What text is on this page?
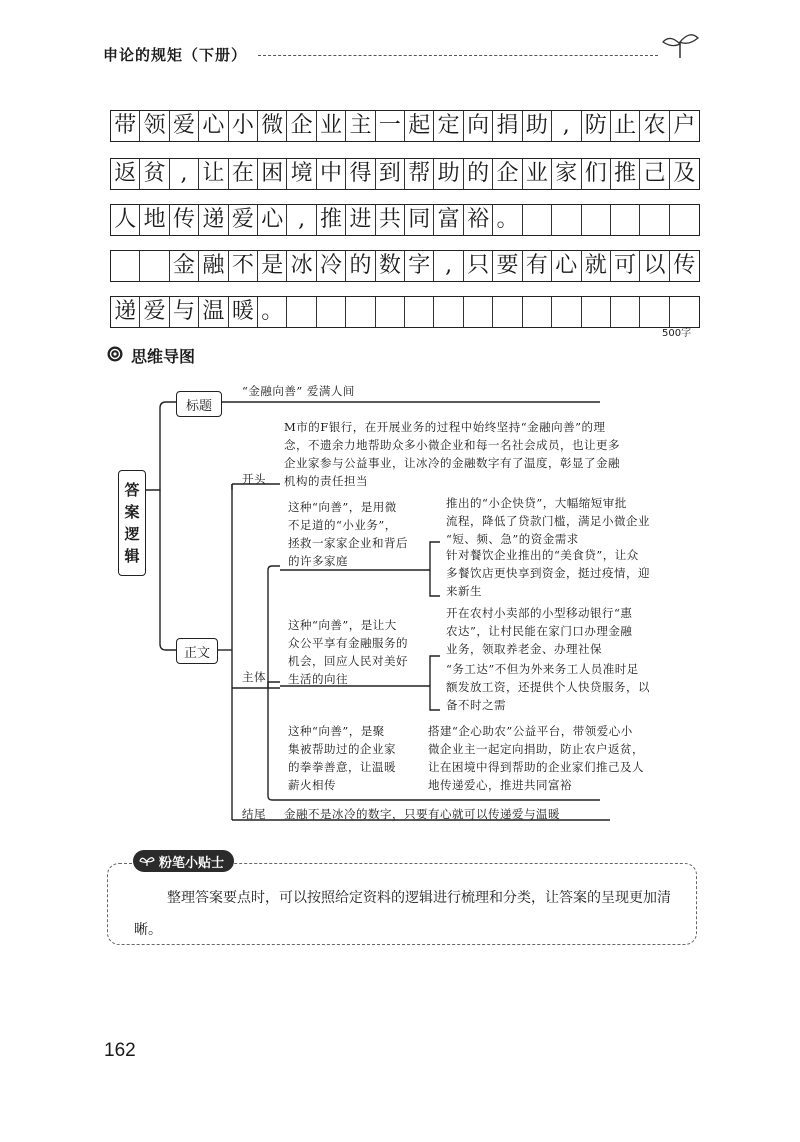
申论的规矩（下册）
带 领 爱 心 小 微 企 业 主 一 起 定 向 捐 助 , 防 止 农 户
返 贫 , 让 在 困 境 中 得 到 帮 助 的 企 业 家 们 推 己 及
人 地 传 递 爱 心 , 推 进 共 同 富 裕 。
金 融 不 是 冰 冷 的 数 字 , 只 要 有 心 就 可 以 传
递 爱 与 温 暖 。
500字
思维导图
答
案
逻
辑
标题
“金融向善” 爱满人间
正文
开头
M市的F银行，在开展业务的过程中始终坚持“金融向善”的理
念，不遗余力地帮助众多小微企业和每一名社会成员，也让更多
企业家参与公益事业，让冰冷的金融数字有了温度，彰显了金融
机构的责任担当
主体
这种“向善”，是用微
不足道的“小业务”，
拯救一家家企业和背后
的许多家庭
推出的“小企快贷”，大幅缩短审批
流程，降低了贷款门槛，满足小微企业
“短、频、急”的资金需求
针对餐饮企业推出的“美食贷”，让众
多餐饮店更快享到资金，挺过疫情，迎
来新生
这种“向善”，是让大
众公平享有金融服务的
机会，回应人民对美好
生活的向往
开在农村小卖部的小型移动银行“惠
农达”，让村民能在家门口办理金融
业务，领取养老金、办理社保
“务工达”不但为外来务工人员准时足
额发放工资，还提供个人快贷服务，以
备不时之需
这种“向善”，是聚
集被帮助过的企业家
的拳拳善意，让温暖
薪火相传
搭建“企心助农”公益平台，带领爱心小
微企业主一起定向捐助，防止农户返贫，
让在困境中得到帮助的企业家们推己及人
地传递爱心，推进共同富裕
结尾 金融不是冰冷的数字，只要有心就可以传递爱与温暖
粉笔小贴士
整理答案要点时，可以按照给定资料的逻辑进行梳理和分类，让答案的呈现更加清晰。
162
